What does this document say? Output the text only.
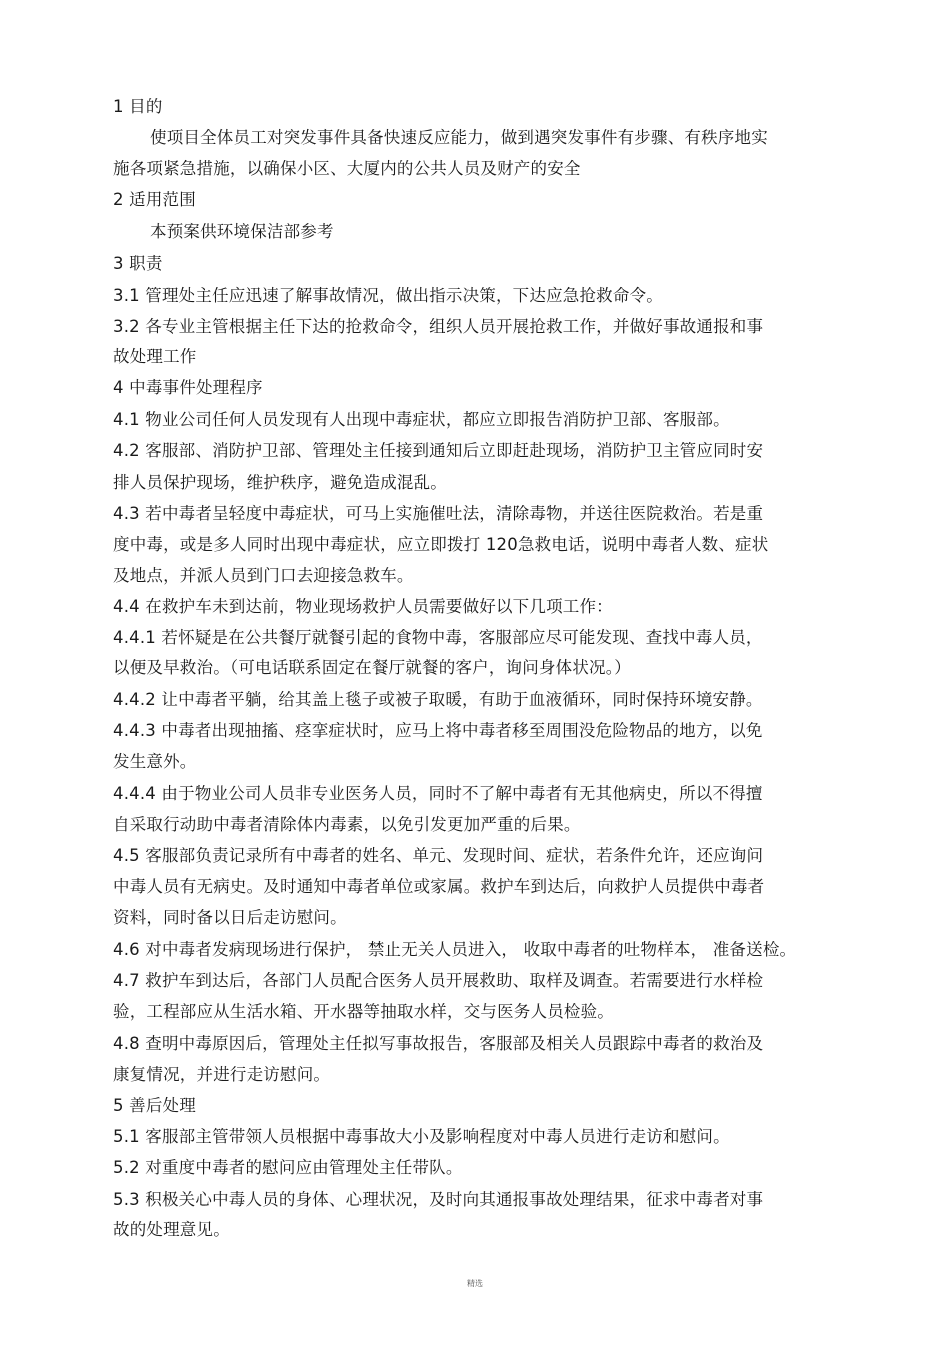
1 目的
使项目全体员工对突发事件具备快速反应能力，做到遇突发事件有步骤、有秩序地实
施各项紧急措施，以确保小区、大厦内的公共人员及财产的安全
2 适用范围
本预案供环境保洁部参考
3 职责
3.1 管理处主任应迅速了解事故情况，做出指示决策，下达应急抢救命令。
3.2 各专业主管根据主任下达的抢救命令，组织人员开展抢救工作，并做好事故通报和事
故处理工作
4 中毒事件处理程序
4.1 物业公司任何人员发现有人出现中毒症状，都应立即报告消防护卫部、客服部。
4.2 客服部、消防护卫部、管理处主任接到通知后立即赶赴现场，消防护卫主管应同时安
排人员保护现场，维护秩序，避免造成混乱。
4.3 若中毒者呈轻度中毒症状，可马上实施催吐法，清除毒物，并送往医院救治。若是重
度中毒，或是多人同时出现中毒症状，应立即拨打 120急救电话，说明中毒者人数、症状
及地点，并派人员到门口去迎接急救车。
4.4 在救护车未到达前，物业现场救护人员需要做好以下几项工作：
4.4.1 若怀疑是在公共餐厅就餐引起的食物中毒，客服部应尽可能发现、查找中毒人员，
以便及早救治。（可电话联系固定在餐厅就餐的客户，询问身体状况。）
4.4.2 让中毒者平躺，给其盖上毯子或被子取暖，有助于血液循环，同时保持环境安静。
4.4.3 中毒者出现抽搐、痉挛症状时，应马上将中毒者移至周围没危险物品的地方，以免
发生意外。
4.4.4 由于物业公司人员非专业医务人员，同时不了解中毒者有无其他病史，所以不得擅
自采取行动助中毒者清除体内毒素，以免引发更加严重的后果。
4.5 客服部负责记录所有中毒者的姓名、单元、发现时间、症状，若条件允许，还应询问
中毒人员有无病史。及时通知中毒者单位或家属。救护车到达后，向救护人员提供中毒者
资料，同时备以日后走访慰问。
4.6 对中毒者发病现场进行保护， 禁止无关人员进入， 收取中毒者的吐物样本， 准备送检。
4.7 救护车到达后，各部门人员配合医务人员开展救助、取样及调查。若需要进行水样检
验，工程部应从生活水箱、开水器等抽取水样，交与医务人员检验。
4.8 查明中毒原因后，管理处主任拟写事故报告，客服部及相关人员跟踪中毒者的救治及
康复情况，并进行走访慰问。
5 善后处理
5.1 客服部主管带领人员根据中毒事故大小及影响程度对中毒人员进行走访和慰问。
5.2 对重度中毒者的慰问应由管理处主任带队。
5.3 积极关心中毒人员的身体、心理状况，及时向其通报事故处理结果，征求中毒者对事
故的处理意见。
精选
